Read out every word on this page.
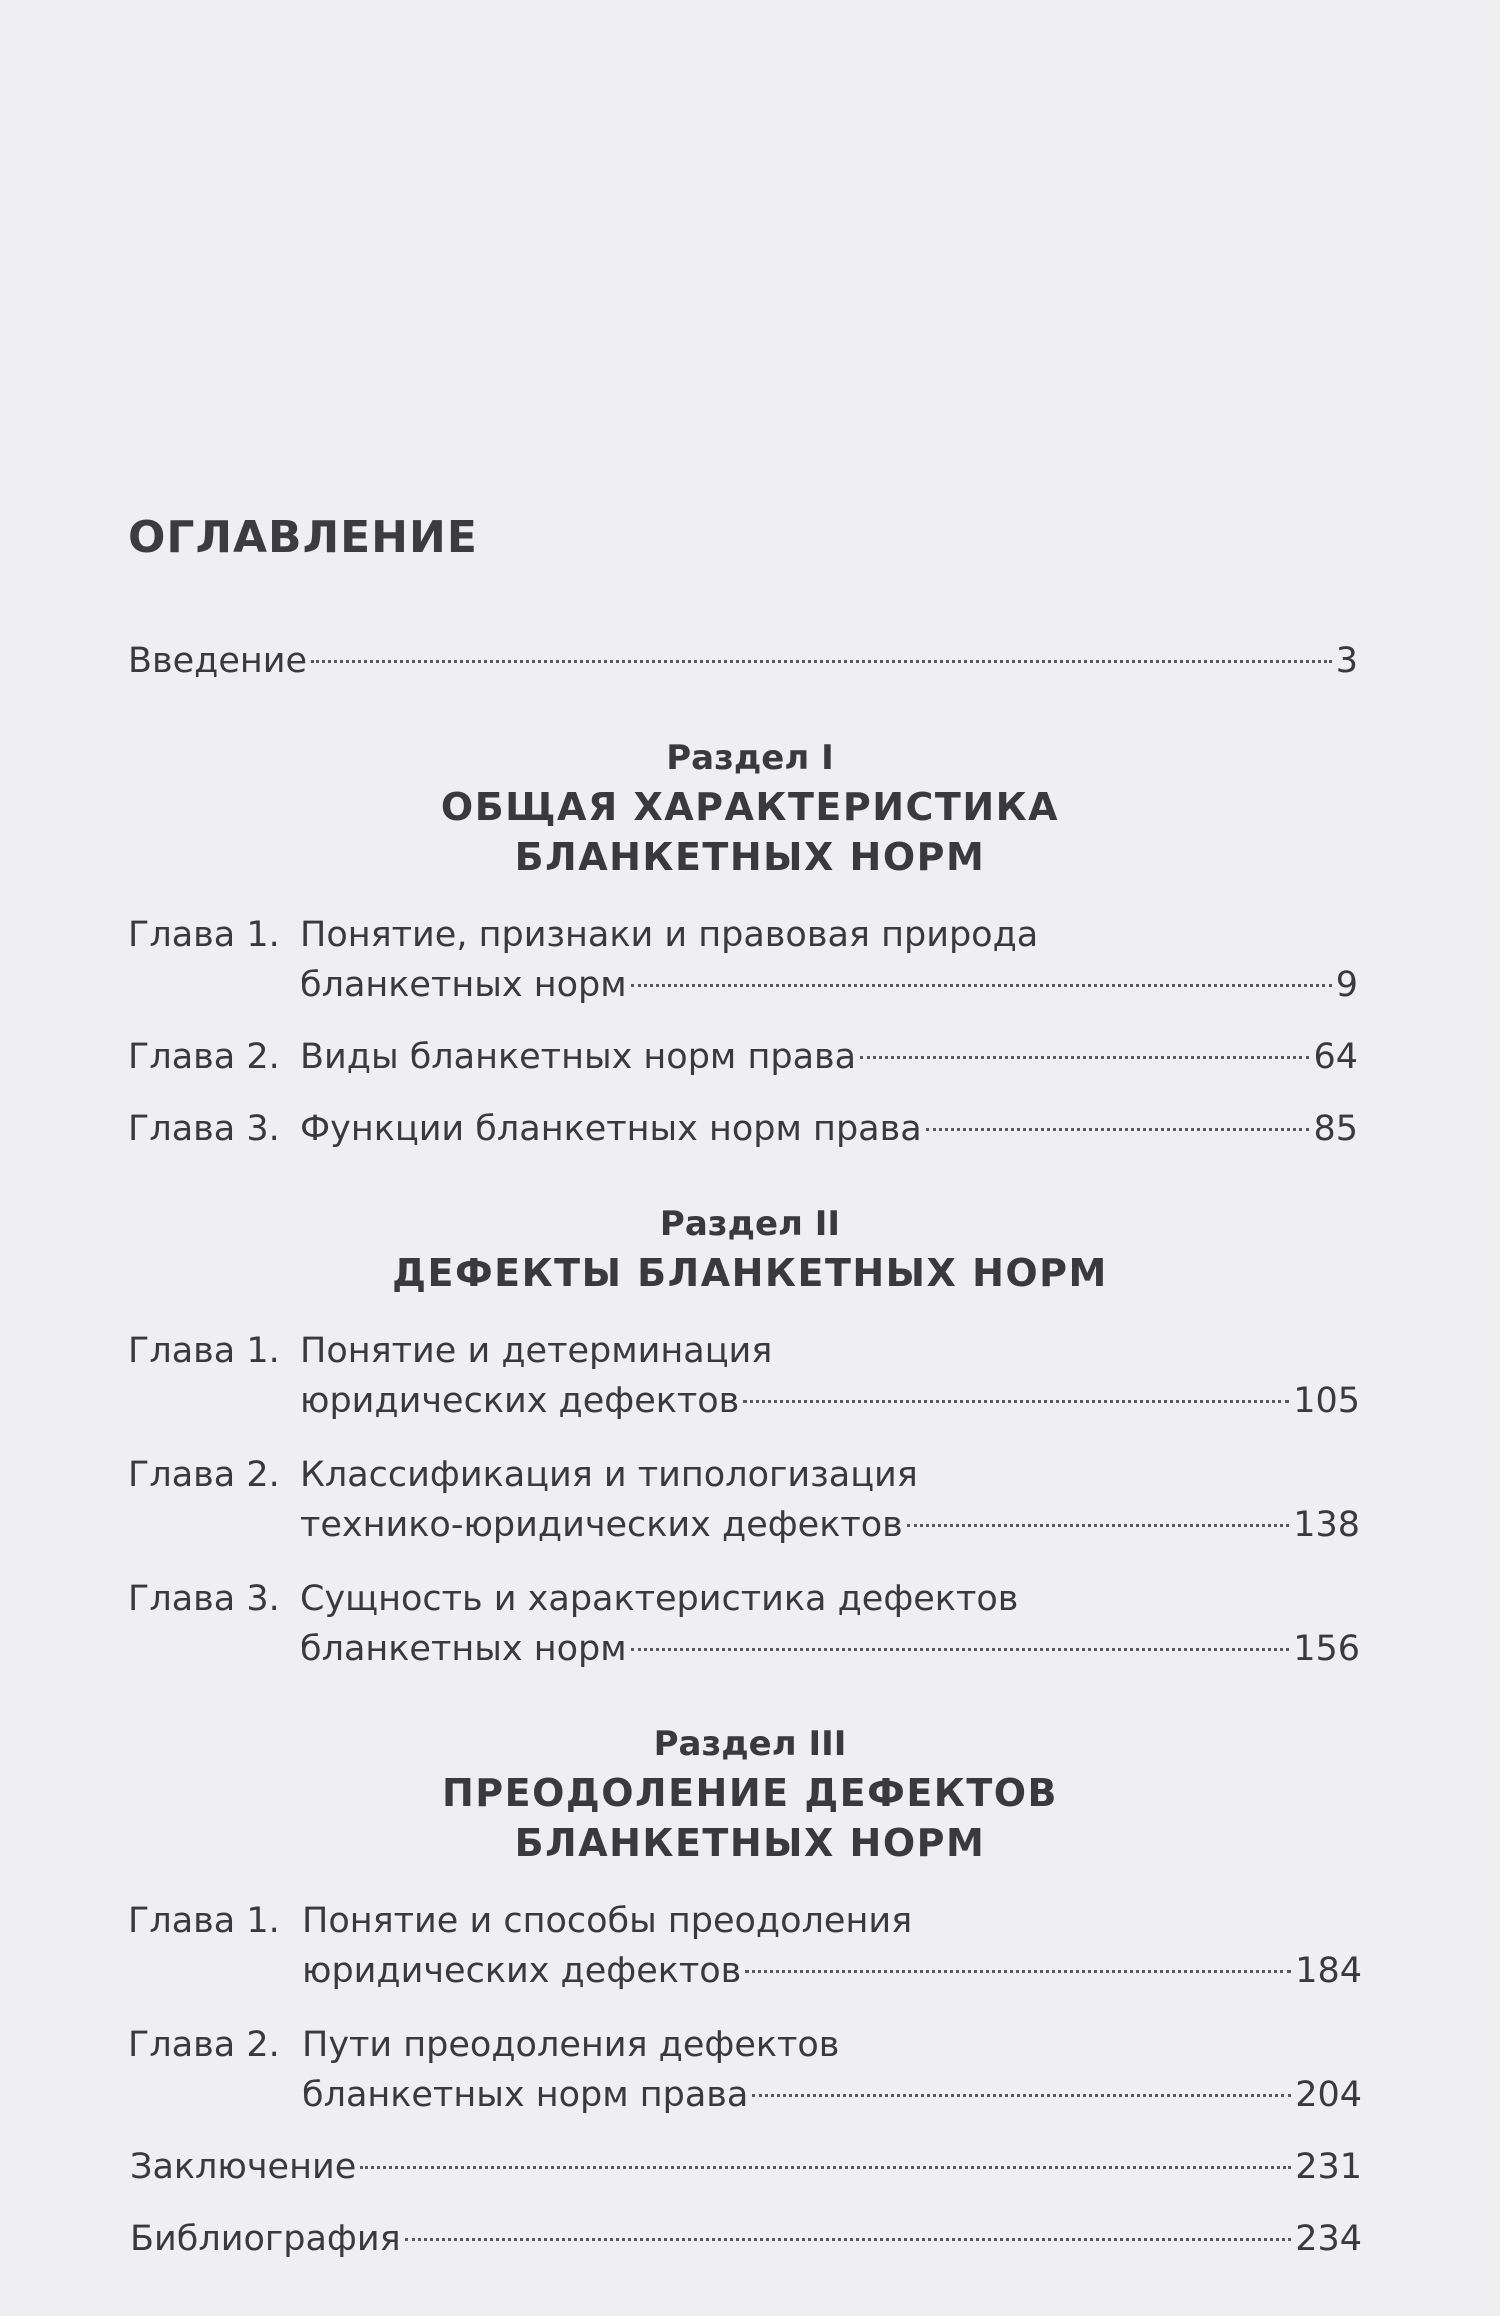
ОГЛАВЛЕНИЕ
Введение	3
Раздел I
ОБЩАЯ ХАРАКТЕРИСТИКА
БЛАНКЕТНЫХ НОРМ
Глава 1. Понятие, признаки и правовая природа
бланкетных норм	9
Глава 2. Виды бланкетных норм права	64
Глава 3. Функции бланкетных норм права	85
Раздел II
ДЕФЕКТЫ БЛАНКЕТНЫХ НОРМ
Глава 1. Понятие и детерминация
юридических дефектов	105
Глава 2. Классификация и типологизация
технико-юридических дефектов	138
Глава 3. Сущность и характеристика дефектов
бланкетных норм	156
Раздел III
ПРЕОДОЛЕНИЕ ДЕФЕКТОВ
БЛАНКЕТНЫХ НОРМ
Глава 1. Понятие и способы преодоления
юридических дефектов	184
Глава 2. Пути преодоления дефектов
бланкетных норм права	204
Заключение	231
Библиография	234
